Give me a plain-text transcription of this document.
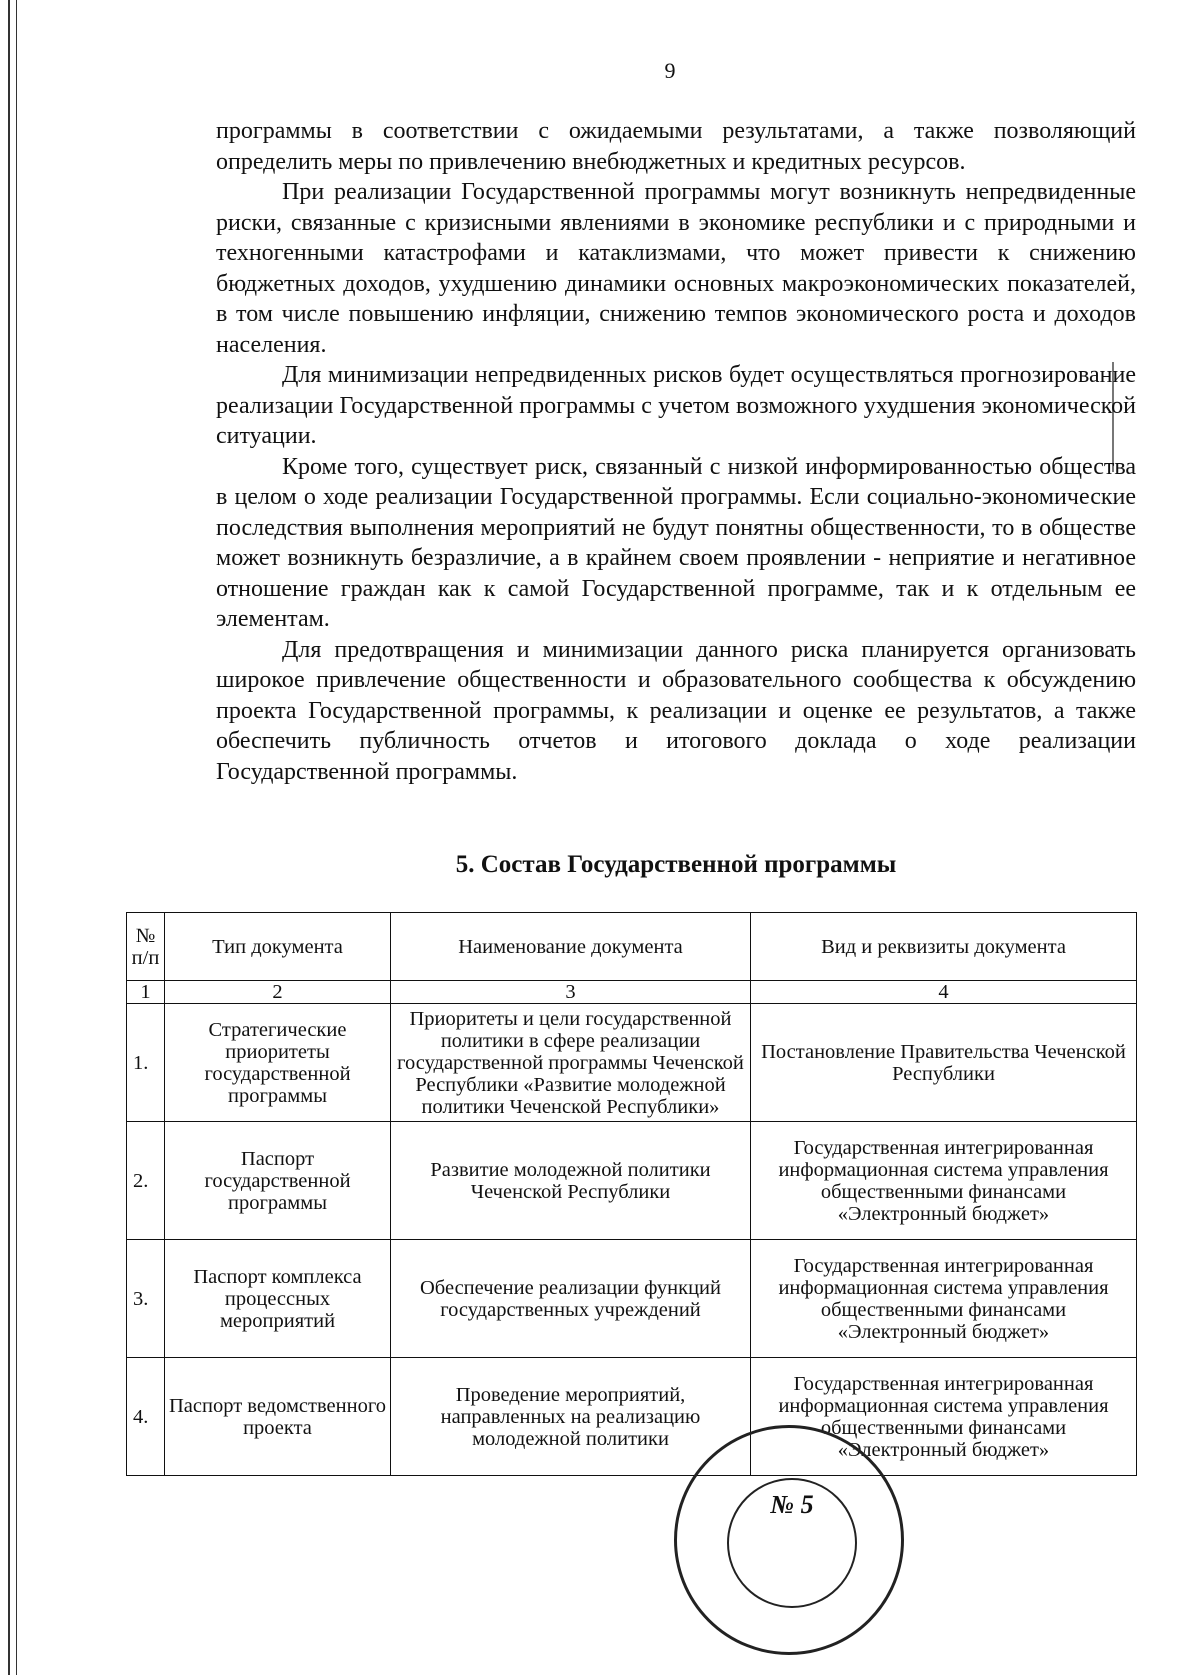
9

программы в соответствии с ожидаемыми результатами, а также позволяющий определить меры по привлечению внебюджетных и кредитных ресурсов.

При реализации Государственной программы могут возникнуть непредвиденные риски, связанные с кризисными явлениями в экономике республики и с природными и техногенными катастрофами и катаклизмами, что может привести к снижению бюджетных доходов, ухудшению динамики основных макроэкономических показателей, в том числе повышению инфляции, снижению темпов экономического роста и доходов населения.

Для минимизации непредвиденных рисков будет осуществляться прогнозирование реализации Государственной программы с учетом возможного ухудшения экономической ситуации.

Кроме того, существует риск, связанный с низкой информированностью общества в целом о ходе реализации Государственной программы. Если социально-экономические последствия выполнения мероприятий не будут понятны общественности, то в обществе может возникнуть безразличие, а в крайнем своем проявлении - неприятие и негативное отношение граждан как к самой Государственной программе, так и к отдельным ее элементам.

Для предотвращения и минимизации данного риска планируется организовать широкое привлечение общественности и образовательного сообщества к обсуждению проекта Государственной программы, к реализации и оценке ее результатов, а также обеспечить публичность отчетов и итогового доклада о ходе реализации Государственной программы.

5. Состав Государственной программы
№ п/п	Тип документа	Наименование документа	Вид и реквизиты документа
1	2	3	4
1.	Стратегические приоритеты государственной программы	Приоритеты и цели государственной политики в сфере реализации государственной программы Чеченской Республики «Развитие молодежной политики Чеченской Республики»	Постановление Правительства Чеченской Республики
2.	Паспорт государственной программы	Развитие молодежной политики Чеченской Республики	Государственная интегрированная информационная система управления общественными финансами «Электронный бюджет»
3.	Паспорт комплекса процессных мероприятий	Обеспечение реализации функций государственных учреждений	Государственная интегрированная информационная система управления общественными финансами «Электронный бюджет»
4.	Паспорт ведомственного проекта	Проведение мероприятий, направленных на реализацию молодежной политики	Государственная интегрированная информационная система управления общественными финансами «Электронный бюджет»
№ 5
